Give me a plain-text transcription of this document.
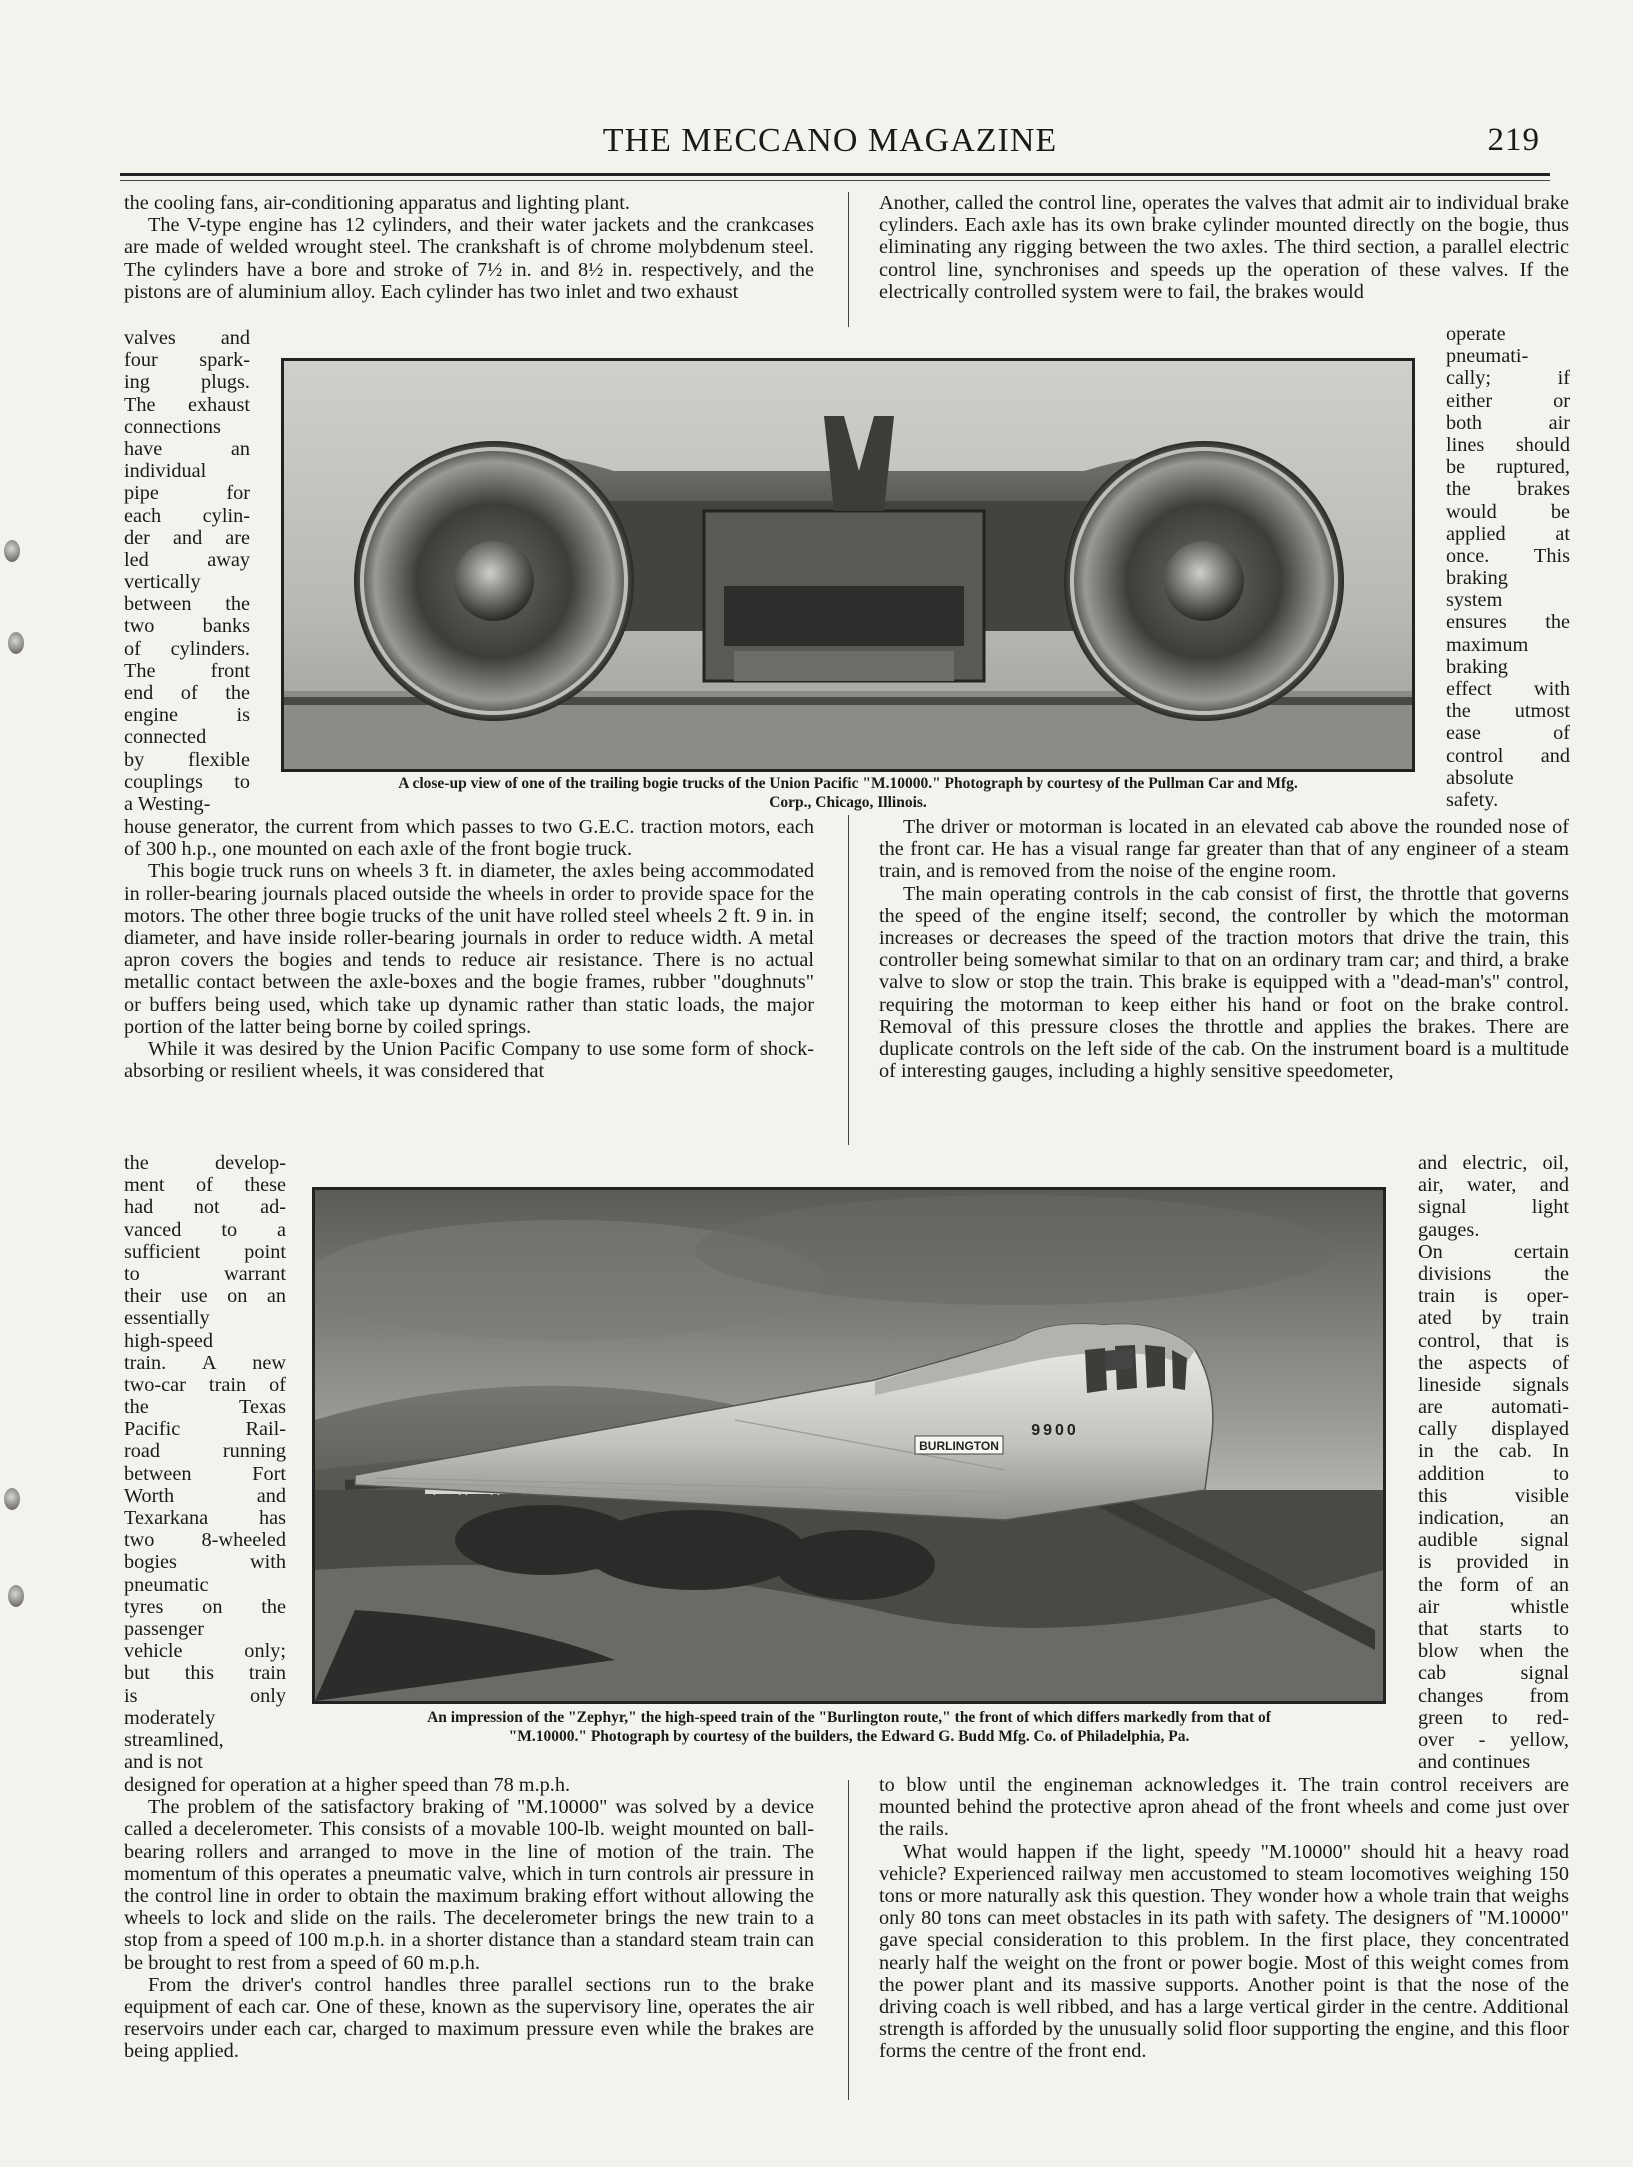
THE MECCANO MAGAZINE	219

the cooling fans, air-conditioning apparatus and lighting plant.

The V-type engine has 12 cylinders, and their water jackets and the crankcases are made of welded wrought steel. The crankshaft is of chrome molybdenum steel. The cylinders have a bore and stroke of 7½ in. and 8½ in. respectively, and the pistons are of aluminium alloy. Each cylinder has two inlet and two exhaust

valves and
four spark-
ing plugs.
The exhaust
connections
have an
individual
pipe for
each cylin-
der and are
led away
vertically
between the
two banks
of cylinders.
The front
end of the
engine is
connected
by flexible
couplings to
a Westing-
A close-up view of one of the trailing bogie trucks of the Union Pacific "M.10000." Photograph by courtesy of the Pullman Car and Mfg.
Corp., Chicago, Illinois.

Another, called the control line, operates the valves that admit air to individual brake cylinders. Each axle has its own brake cylinder mounted directly on the bogie, thus eliminating any rigging between the two axles. The third section, a parallel electric control line, synchronises and speeds up the operation of these valves. If the electrically controlled system were to fail, the brakes would

operate
pneumati-
cally; if
either or
both air
lines should
be ruptured,
the brakes
would be
applied at
once. This
braking
system
ensures the
maximum
braking
effect with
the utmost
ease of
control and
absolute
safety.

house generator, the current from which passes to two G.E.C. traction motors, each of 300 h.p., one mounted on each axle of the front bogie truck.

This bogie truck runs on wheels 3 ft. in diameter, the axles being accommodated in roller-bearing journals placed outside the wheels in order to provide space for the motors. The other three bogie trucks of the unit have rolled steel wheels 2 ft. 9 in. in diameter, and have inside roller-bearing journals in order to reduce width. A metal apron covers the bogies and tends to reduce air resistance. There is no actual metallic contact between the axle-boxes and the bogie frames, rubber "doughnuts" or buffers being used, which take up dynamic rather than static loads, the major portion of the latter being borne by coiled springs.

While it was desired by the Union Pacific Company to use some form of shock-absorbing or resilient wheels, it was considered that

The driver or motorman is located in an elevated cab above the rounded nose of the front car. He has a visual range far greater than that of any engineer of a steam train, and is removed from the noise of the engine room.

The main operating controls in the cab consist of first, the throttle that governs the speed of the engine itself; second, the controller by which the motorman increases or decreases the speed of the traction motors that drive the train, this controller being somewhat similar to that on an ordinary tram car; and third, a brake valve to slow or stop the train. This brake is equipped with a "dead-man's" control, requiring the motorman to keep either his hand or foot on the brake control. Removal of this pressure closes the throttle and applies the brakes. There are duplicate controls on the left side of the cab. On the instrument board is a multitude of interesting gauges, including a highly sensitive speedometer,

the develop-
ment of these
had not ad-
vanced to a
sufficient point
to warrant
their use on an
essentially
high-speed
train. A new
two-car train of
the Texas
Pacific Rail-
road running
between Fort
Worth and
Texarkana has
two 8-wheeled
bogies with
pneumatic
tyres on the
passenger
vehicle only;
but this train
is only
moderately
streamlined,
and is not
and electric, oil,
air, water, and
signal light
gauges.
On certain
divisions the
train is oper-
ated by train
control, that is
the aspects of
lineside signals
are automati-
cally displayed
in the cab. In
addition to
this visible
indication, an
audible signal
is provided in
the form of an
air whistle
that starts to
blow when the
cab signal
changes from
green to red-
over - yellow,
and continues
BURLINGTON
9900
An impression of the "Zephyr," the high-speed train of the "Burlington route," the front of which differs markedly from that of
"M.10000." Photograph by courtesy of the builders, the Edward G. Budd Mfg. Co. of Philadelphia, Pa.

designed for operation at a higher speed than 78 m.p.h.

The problem of the satisfactory braking of "M.10000" was solved by a device called a decelerometer. This consists of a movable 100-lb. weight mounted on ball-bearing rollers and arranged to move in the line of motion of the train. The momentum of this operates a pneumatic valve, which in turn controls air pressure in the control line in order to obtain the maximum braking effort without allowing the wheels to lock and slide on the rails. The decelerometer brings the new train to a stop from a speed of 100 m.p.h. in a shorter distance than a standard steam train can be brought to rest from a speed of 60 m.p.h.

From the driver's control handles three parallel sections run to the brake equipment of each car. One of these, known as the supervisory line, operates the air reservoirs under each car, charged to maximum pressure even while the brakes are being applied.

to blow until the engineman acknowledges it. The train control receivers are mounted behind the protective apron ahead of the front wheels and come just over the rails.

What would happen if the light, speedy "M.10000" should hit a heavy road vehicle? Experienced railway men accustomed to steam locomotives weighing 150 tons or more naturally ask this question. They wonder how a whole train that weighs only 80 tons can meet obstacles in its path with safety. The designers of "M.10000" gave special consideration to this problem. In the first place, they concentrated nearly half the weight on the front or power bogie. Most of this weight comes from the power plant and its massive supports. Another point is that the nose of the driving coach is well ribbed, and has a large vertical girder in the centre. Additional strength is afforded by the unusually solid floor supporting the engine, and this floor forms the centre of the front end.
